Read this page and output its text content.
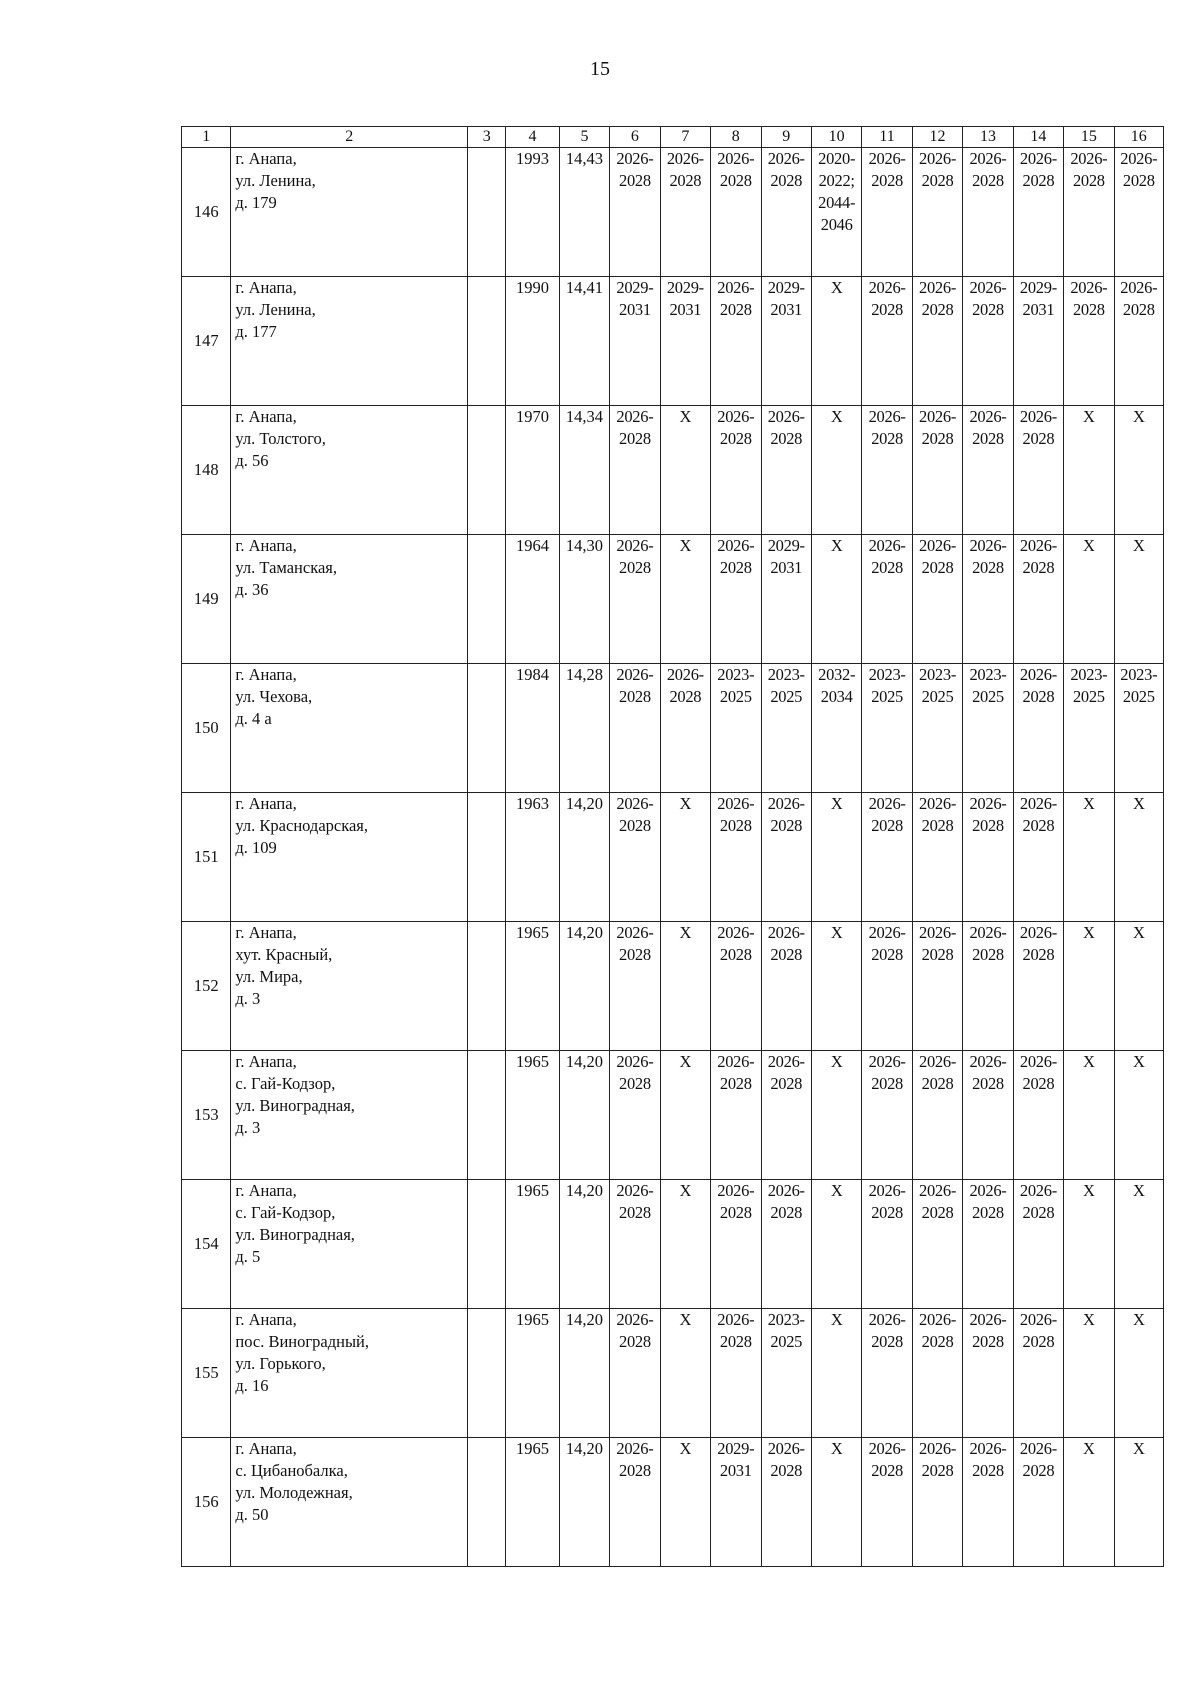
15
1	2	3	4	5	6	7	8	9	10	11	12	13	14	15	16
146	г. Анапа,
ул. Ленина,
д. 179		1993	14,43	2026-
2028	2026-
2028	2026-
2028	2026-
2028	2020-
2022;
2044-
2046	2026-
2028	2026-
2028	2026-
2028	2026-
2028	2026-
2028	2026-
2028

147	г. Анапа,
ул. Ленина,
д. 177		1990	14,41	2029-
2031	2029-
2031	2026-
2028	2029-
2031	Х	2026-
2028	2026-
2028	2026-
2028	2029-
2031	2026-
2028	2026-
2028

148	г. Анапа,
ул. Толстого,
д. 56		1970	14,34	2026-
2028	Х	2026-
2028	2026-
2028	Х	2026-
2028	2026-
2028	2026-
2028	2026-
2028	Х	Х

149	г. Анапа,
ул. Таманская,
д. 36		1964	14,30	2026-
2028	Х	2026-
2028	2029-
2031	Х	2026-
2028	2026-
2028	2026-
2028	2026-
2028	Х	Х

150	г. Анапа,
ул. Чехова,
д. 4 а		1984	14,28	2026-
2028	2026-
2028	2023-
2025	2023-
2025	2032-
2034	2023-
2025	2023-
2025	2023-
2025	2026-
2028	2023-
2025	2023-
2025

151	г. Анапа,
ул. Краснодарская,
д. 109		1963	14,20	2026-
2028	Х	2026-
2028	2026-
2028	Х	2026-
2028	2026-
2028	2026-
2028	2026-
2028	Х	Х

152	г. Анапа,
хут. Красный,
ул. Мира,
д. 3		1965	14,20	2026-
2028	Х	2026-
2028	2026-
2028	Х	2026-
2028	2026-
2028	2026-
2028	2026-
2028	Х	Х

153	г. Анапа,
с. Гай-Кодзор,
ул. Виноградная,
д. 3		1965	14,20	2026-
2028	Х	2026-
2028	2026-
2028	Х	2026-
2028	2026-
2028	2026-
2028	2026-
2028	Х	Х

154	г. Анапа,
с. Гай-Кодзор,
ул. Виноградная,
д. 5		1965	14,20	2026-
2028	Х	2026-
2028	2026-
2028	Х	2026-
2028	2026-
2028	2026-
2028	2026-
2028	Х	Х

155	г. Анапа,
пос. Виноградный,
ул. Горького,
д. 16		1965	14,20	2026-
2028	Х	2026-
2028	2023-
2025	Х	2026-
2028	2026-
2028	2026-
2028	2026-
2028	Х	Х

156	г. Анапа,
с. Цибанобалка,
ул. Молодежная,
д. 50		1965	14,20	2026-
2028	Х	2029-
2031	2026-
2028	Х	2026-
2028	2026-
2028	2026-
2028	2026-
2028	Х	Х
